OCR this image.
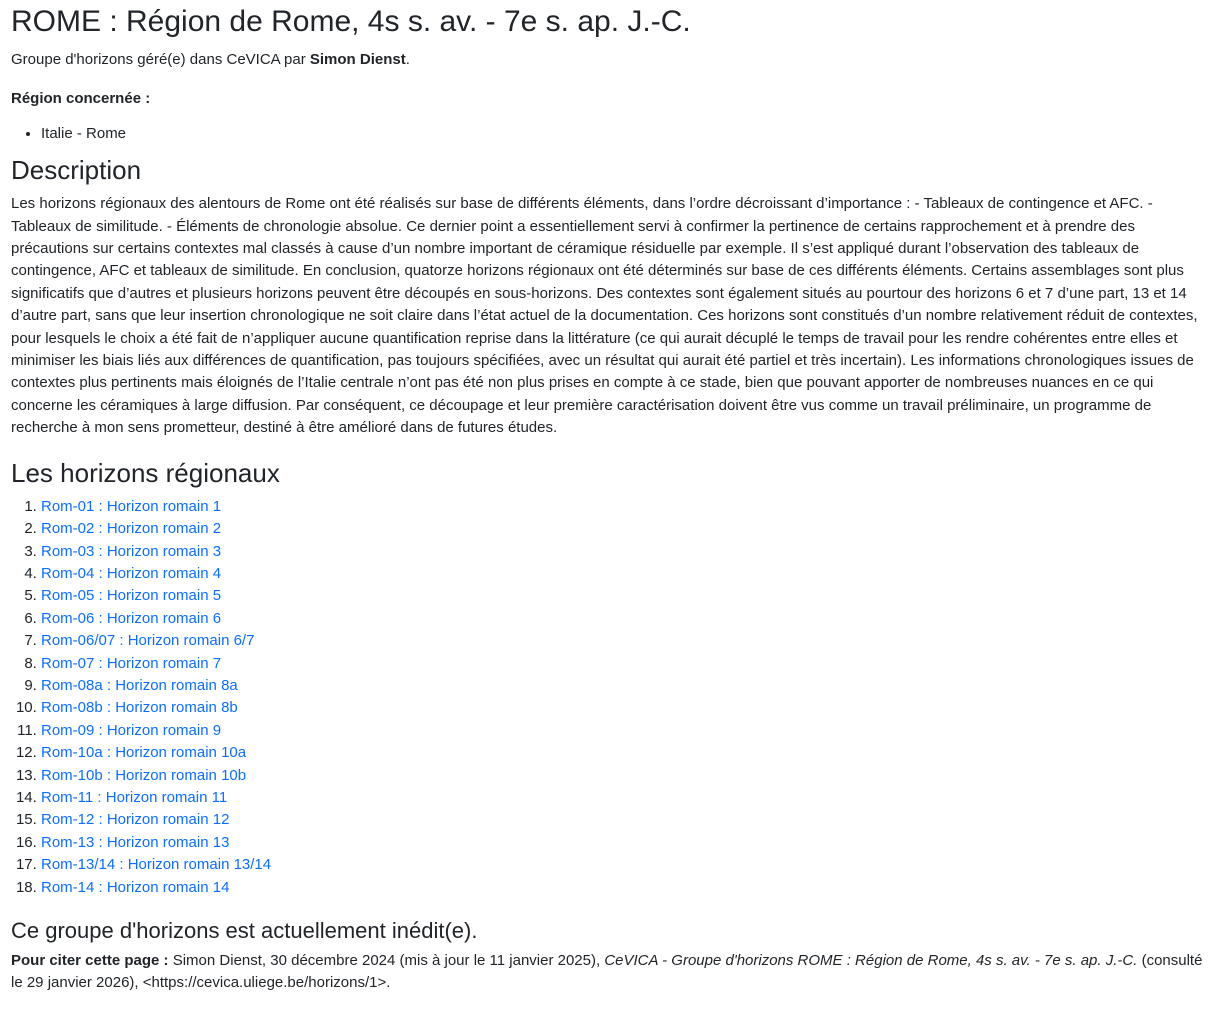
ROME : Région de Rome, 4s s. av. - 7e s. ap. J.-C.

Groupe d'horizons géré(e) dans CeVICA par Simon Dienst.

Région concernée :
• Italie - Rome
Description

Les horizons régionaux des alentours de Rome ont été réalisés sur base de différents éléments, dans l’ordre décroissant d’importance : - Tableaux de contingence et AFC. - Tableaux de similitude. - Éléments de chronologie absolue. Ce dernier point a essentiellement servi à confirmer la pertinence de certains rapprochement et à prendre des précautions sur certains contextes mal classés à cause d’un nombre important de céramique résiduelle par exemple. Il s’est appliqué durant l’observation des tableaux de contingence, AFC et tableaux de similitude. En conclusion, quatorze horizons régionaux ont été déterminés sur base de ces différents éléments. Certains assemblages sont plus significatifs que d’autres et plusieurs horizons peuvent être découpés en sous-horizons. Des contextes sont également situés au pourtour des horizons 6 et 7 d’une part, 13 et 14 d’autre part, sans que leur insertion chronologique ne soit claire dans l’état actuel de la documentation. Ces horizons sont constitués d’un nombre relativement réduit de contextes, pour lesquels le choix a été fait de n’appliquer aucune quantification reprise dans la littérature (ce qui aurait décuplé le temps de travail pour les rendre cohérentes entre elles et minimiser les biais liés aux différences de quantification, pas toujours spécifiées, avec un résultat qui aurait été partiel et très incertain). Les informations chronologiques issues de contextes plus pertinents mais éloignés de l’Italie centrale n’ont pas été non plus prises en compte à ce stade, bien que pouvant apporter de nombreuses nuances en ce qui concerne les céramiques à large diffusion. Par conséquent, ce découpage et leur première caractérisation doivent être vus comme un travail préliminaire, un programme de recherche à mon sens prometteur, destiné à être amélioré dans de futures études.

Les horizons régionaux
1. Rom-01 : Horizon romain 1
2. Rom-02 : Horizon romain 2
3. Rom-03 : Horizon romain 3
4. Rom-04 : Horizon romain 4
5. Rom-05 : Horizon romain 5
6. Rom-06 : Horizon romain 6
7. Rom-06/07 : Horizon romain 6/7
8. Rom-07 : Horizon romain 7
9. Rom-08a : Horizon romain 8a
10. Rom-08b : Horizon romain 8b
11. Rom-09 : Horizon romain 9
12. Rom-10a : Horizon romain 10a
13. Rom-10b : Horizon romain 10b
14. Rom-11 : Horizon romain 11
15. Rom-12 : Horizon romain 12
16. Rom-13 : Horizon romain 13
17. Rom-13/14 : Horizon romain 13/14
18. Rom-14 : Horizon romain 14
Ce groupe d'horizons est actuellement inédit(e).

Pour citer cette page : Simon Dienst, 30 décembre 2024 (mis à jour le 11 janvier 2025), CeVICA - Groupe d'horizons ROME : Région de Rome, 4s s. av. - 7e s. ap. J.-C. (consulté le 29 janvier 2026), <https://cevica.uliege.be/horizons/1>.
